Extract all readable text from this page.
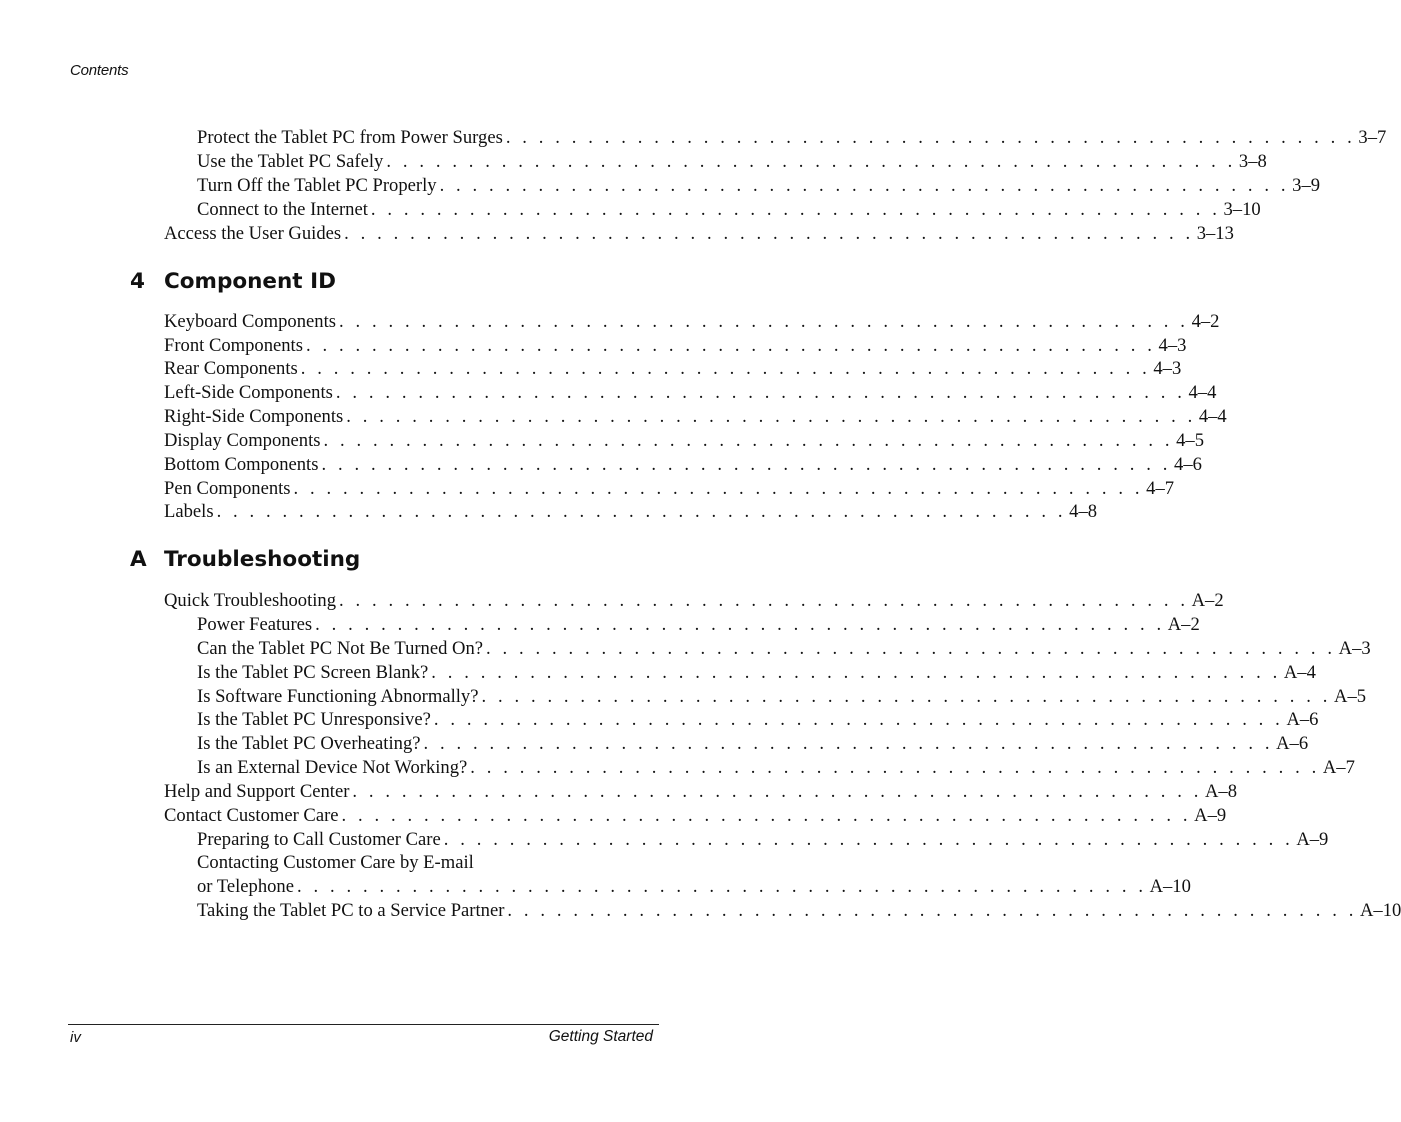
Contents
Protect the Tablet PC from Power Surges . . . . . . . . . . . . . . . . . . . . . . . . . . . . . . . . . . . . . . . . . . . . . . . . . . . . 3–7
Use the Tablet PC Safely . . . . . . . . . . . . . . . . . . . . . . . . . . . . . . . . . . . . . . . . . . . . . . . . . . . . 3–8
Turn Off the Tablet PC Properly . . . . . . . . . . . . . . . . . . . . . . . . . . . . . . . . . . . . . . . . . . . . . . . . . . . . 3–9
Connect to the Internet . . . . . . . . . . . . . . . . . . . . . . . . . . . . . . . . . . . . . . . . . . . . . . . . . . . . 3–10
Access the User Guides . . . . . . . . . . . . . . . . . . . . . . . . . . . . . . . . . . . . . . . . . . . . . . . . . . . . 3–13
4 Component ID
Keyboard Components . . . . . . . . . . . . . . . . . . . . . . . . . . . . . . . . . . . . . . . . . . . . . . . . . . . . 4–2
Front Components . . . . . . . . . . . . . . . . . . . . . . . . . . . . . . . . . . . . . . . . . . . . . . . . . . . . 4–3
Rear Components . . . . . . . . . . . . . . . . . . . . . . . . . . . . . . . . . . . . . . . . . . . . . . . . . . . . 4–3
Left-Side Components . . . . . . . . . . . . . . . . . . . . . . . . . . . . . . . . . . . . . . . . . . . . . . . . . . . . 4–4
Right-Side Components . . . . . . . . . . . . . . . . . . . . . . . . . . . . . . . . . . . . . . . . . . . . . . . . . . . . 4–4
Display Components . . . . . . . . . . . . . . . . . . . . . . . . . . . . . . . . . . . . . . . . . . . . . . . . . . . . 4–5
Bottom Components . . . . . . . . . . . . . . . . . . . . . . . . . . . . . . . . . . . . . . . . . . . . . . . . . . . . 4–6
Pen Components . . . . . . . . . . . . . . . . . . . . . . . . . . . . . . . . . . . . . . . . . . . . . . . . . . . . 4–7
Labels . . . . . . . . . . . . . . . . . . . . . . . . . . . . . . . . . . . . . . . . . . . . . . . . . . . . 4–8
A Troubleshooting
Quick Troubleshooting . . . . . . . . . . . . . . . . . . . . . . . . . . . . . . . . . . . . . . . . . . . . . . . . . . . . A–2
Power Features . . . . . . . . . . . . . . . . . . . . . . . . . . . . . . . . . . . . . . . . . . . . . . . . . . . . A–2
Can the Tablet PC Not Be Turned On? . . . . . . . . . . . . . . . . . . . . . . . . . . . . . . . . . . . . . . . . . . . . . . . . . . . . A–3
Is the Tablet PC Screen Blank? . . . . . . . . . . . . . . . . . . . . . . . . . . . . . . . . . . . . . . . . . . . . . . . . . . . . A–4
Is Software Functioning Abnormally? . . . . . . . . . . . . . . . . . . . . . . . . . . . . . . . . . . . . . . . . . . . . . . . . . . . . A–5
Is the Tablet PC Unresponsive? . . . . . . . . . . . . . . . . . . . . . . . . . . . . . . . . . . . . . . . . . . . . . . . . . . . . A–6
Is the Tablet PC Overheating? . . . . . . . . . . . . . . . . . . . . . . . . . . . . . . . . . . . . . . . . . . . . . . . . . . . . A–6
Is an External Device Not Working? . . . . . . . . . . . . . . . . . . . . . . . . . . . . . . . . . . . . . . . . . . . . . . . . . . . . A–7
Help and Support Center . . . . . . . . . . . . . . . . . . . . . . . . . . . . . . . . . . . . . . . . . . . . . . . . . . . . A–8
Contact Customer Care . . . . . . . . . . . . . . . . . . . . . . . . . . . . . . . . . . . . . . . . . . . . . . . . . . . . A–9
Preparing to Call Customer Care . . . . . . . . . . . . . . . . . . . . . . . . . . . . . . . . . . . . . . . . . . . . . . . . . . . . A–9
Contacting Customer Care by E-mail
or Telephone . . . . . . . . . . . . . . . . . . . . . . . . . . . . . . . . . . . . . . . . . . . . . . . . . . . . A–10
Taking the Tablet PC to a Service Partner . . . . . . . . . . . . . . . . . . . . . . . . . . . . . . . . . . . . . . . . . . . . . . . . . . . . A–10
iv	Getting Started
